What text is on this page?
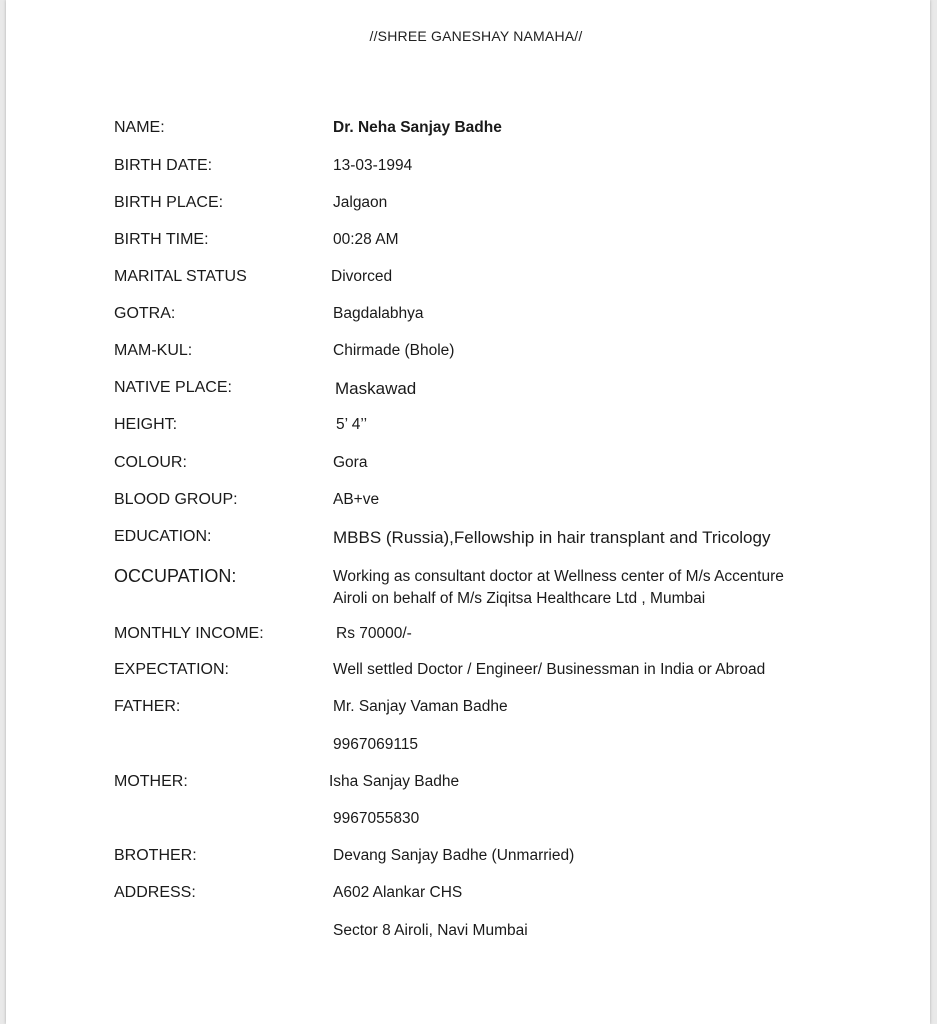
//SHREE GANESHAY NAMAHA//
NAME:	Dr. Neha Sanjay Badhe
BIRTH DATE:	13-03-1994
BIRTH PLACE:	Jalgaon
BIRTH TIME:	00:28 AM
MARITAL STATUS	Divorced
GOTRA:	Bagdalabhya
MAM-KUL:	Chirmade (Bhole)
NATIVE PLACE:	Maskawad
HEIGHT:	5’ 4’’
COLOUR:	Gora
BLOOD GROUP:	AB+ve
EDUCATION:	MBBS (Russia),Fellowship in hair transplant and Tricology
OCCUPATION:	Working as consultant doctor at Wellness center of M/s Accenture
Airoli on behalf of M/s Ziqitsa Healthcare Ltd , Mumbai
MONTHLY INCOME:	Rs 70000/-
EXPECTATION:	Well settled Doctor / Engineer/ Businessman in India or Abroad
FATHER:	Mr. Sanjay Vaman Badhe
9967069115
MOTHER:	Isha Sanjay Badhe
9967055830
BROTHER:	Devang Sanjay Badhe (Unmarried)
ADDRESS:	A602 Alankar CHS
Sector 8 Airoli, Navi Mumbai
